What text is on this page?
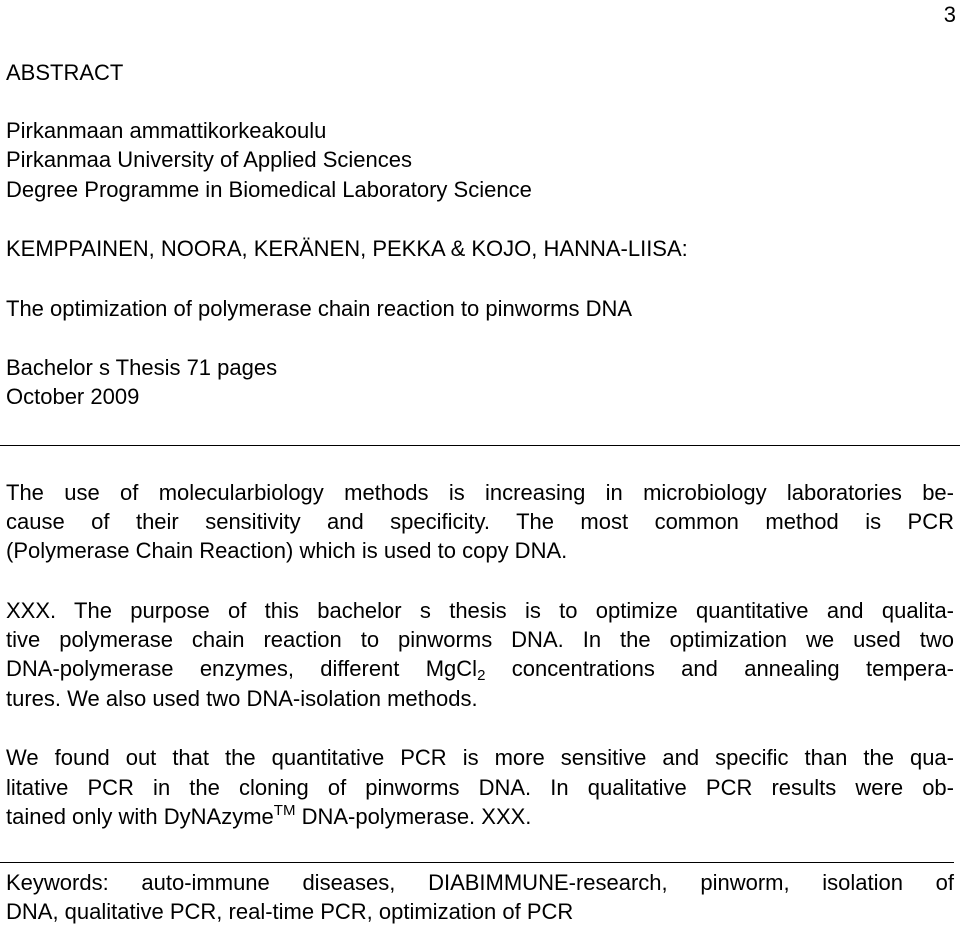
3
ABSTRACT
Pirkanmaan ammattikorkeakoulu
Pirkanmaa University of Applied Sciences
Degree Programme in Biomedical Laboratory Science
KEMPPAINEN, NOORA, KERÄNEN, PEKKA & KOJO, HANNA-LIISA:
The optimization of polymerase chain reaction to pinworms DNA
Bachelor s Thesis 71 pages
October 2009
The use of molecularbiology methods is increasing in microbiology laboratories be-
cause of their sensitivity and specificity. The most common method is PCR
(Polymerase Chain Reaction) which is used to copy DNA.
XXX. The purpose of this bachelor s thesis is to optimize quantitative and qualita-
tive polymerase chain reaction to pinworms DNA. In the optimization we used two
DNA-polymerase enzymes, different MgCl$_2$ concentrations and annealing tempera-
tures. We also used two DNA-isolation methods.
We found out that the quantitative PCR is more sensitive and specific than the qua-
litative PCR in the cloning of pinworms DNA. In qualitative PCR results were ob-
tained only with DyNAzyme™ DNA-polymerase. XXX.
Keywords: auto-immune diseases, DIABIMMUNE-research, pinworm, isolation of
DNA, qualitative PCR, real-time PCR, optimization of PCR
